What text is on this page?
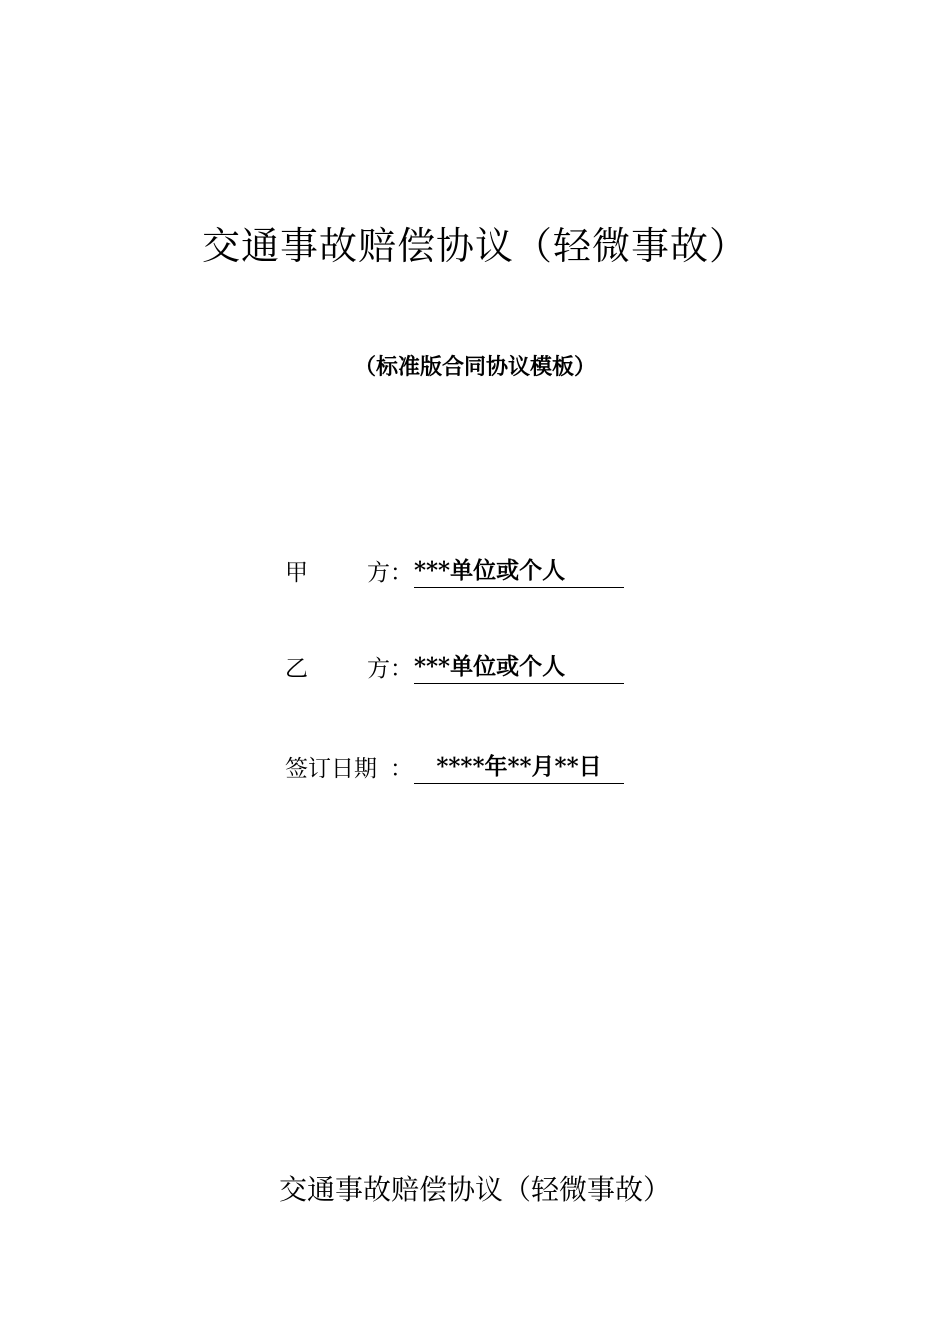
交通事故赔偿协议（轻微事故）
（标准版合同协议模板）
甲	方 ： ***单位或个人
乙	方 ： ***单位或个人
签订日期 ：	****年**月**日
交通事故赔偿协议（轻微事故）
